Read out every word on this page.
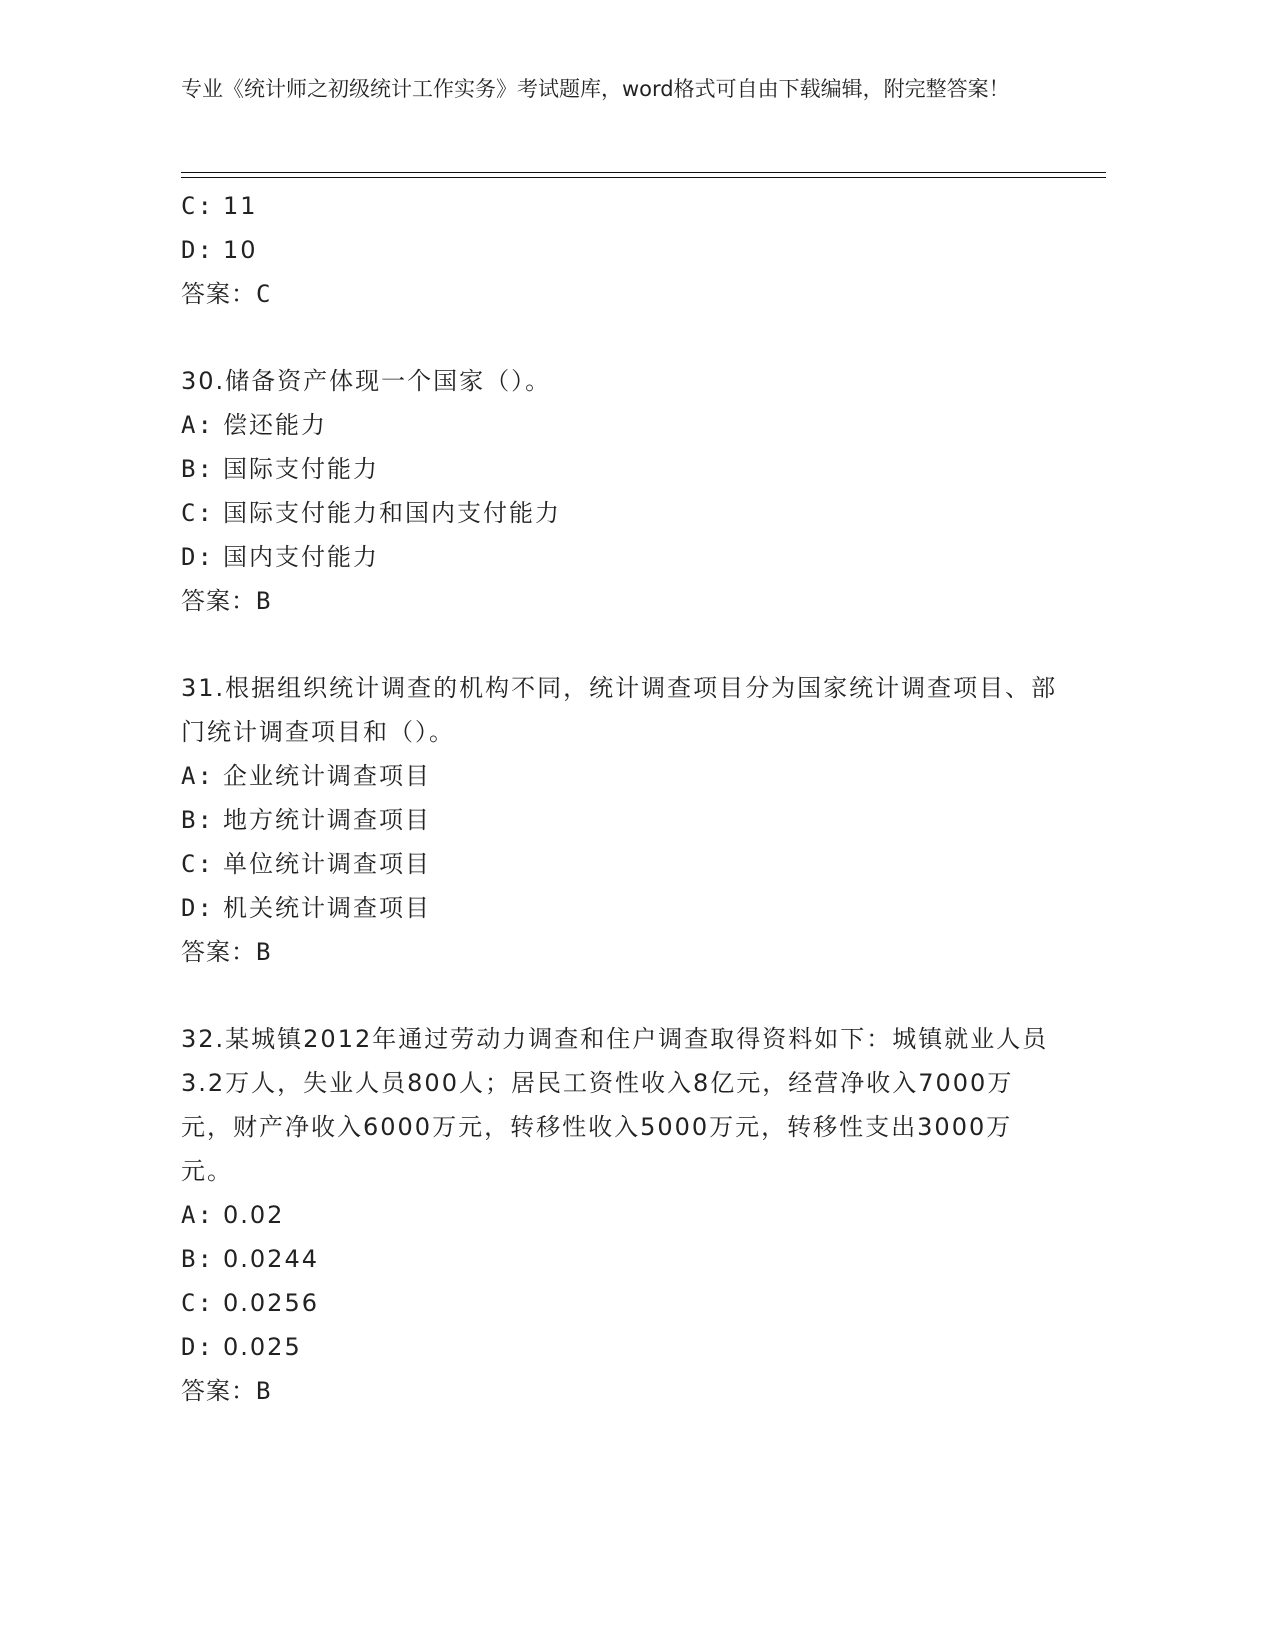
专业《统计师之初级统计工作实务》考试题库，word格式可自由下载编辑，附完整答案！
C: 11
D: 10
答案：C
30.储备资产体现一个国家（）。
A: 偿还能力
B: 国际支付能力
C: 国际支付能力和国内支付能力
D: 国内支付能力
答案：B
31.根据组织统计调查的机构不同，统计调查项目分为国家统计调查项目、部门统计调查项目和（）。
A: 企业统计调查项目
B: 地方统计调查项目
C: 单位统计调查项目
D: 机关统计调查项目
答案：B
32.某城镇2012年通过劳动力调查和住户调查取得资料如下：城镇就业人员3.2万人，失业人员800人；居民工资性收入8亿元，经营净收入7000万元，财产净收入6000万元，转移性收入5000万元，转移性支出3000万元。
A: 0.02
B: 0.0244
C: 0.0256
D: 0.025
答案：B
